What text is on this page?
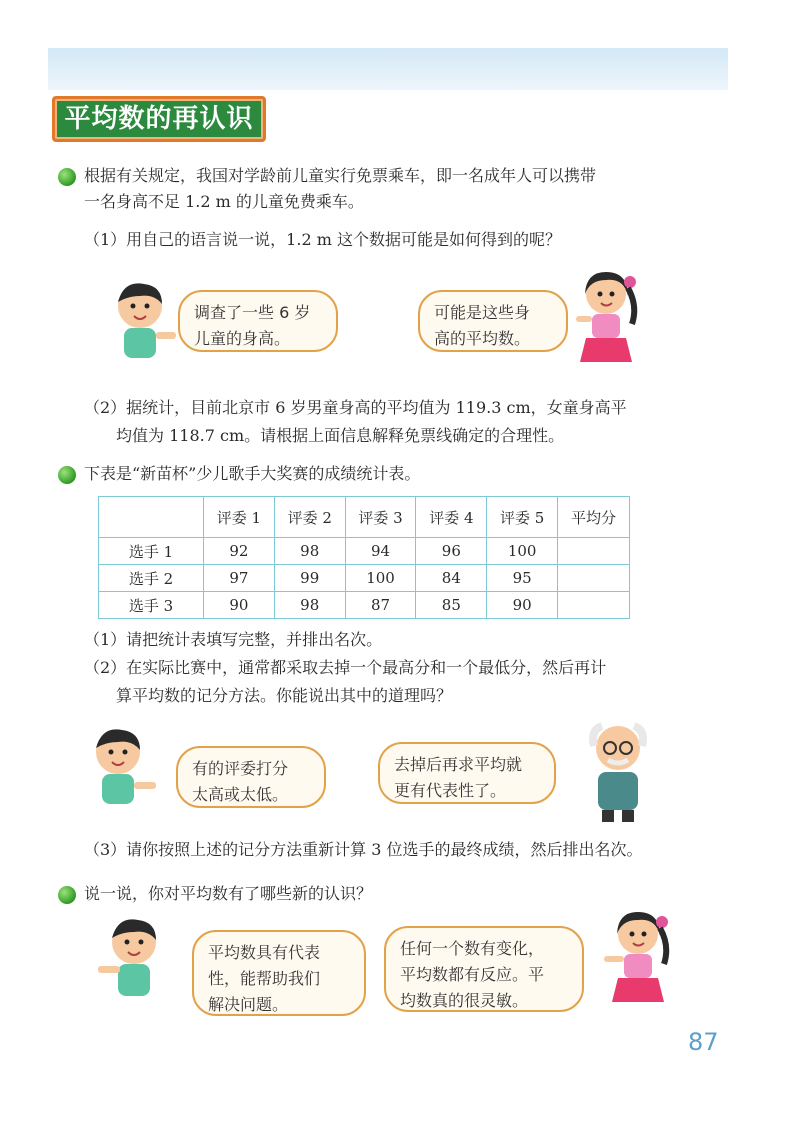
平均数的再认识
根据有关规定，我国对学龄前儿童实行免票乘车，即一名成年人可以携带
一名身高不足 1.2 m 的儿童免费乘车。
（1）用自己的语言说一说，1.2 m 这个数据可能是如何得到的呢？
调查了一些 6 岁
儿童的身高。
可能是这些身
高的平均数。
（2）据统计，目前北京市 6 岁男童身高的平均值为 119.3 cm，女童身高平
均值为 118.7 cm。请根据上面信息解释免票线确定的合理性。
下表是“新苗杯”少儿歌手大奖赛的成绩统计表。
	评委 1	评委 2	评委 3	评委 4	评委 5	平均分
选手 1	92	98	94	96	100	
选手 2	97	99	100	84	95	
选手 3	90	98	87	85	90	
（1）请把统计表填写完整，并排出名次。
（2）在实际比赛中，通常都采取去掉一个最高分和一个最低分，然后再计
算平均数的记分方法。你能说出其中的道理吗？
有的评委打分
太高或太低。
去掉后再求平均就
更有代表性了。
（3）请你按照上述的记分方法重新计算 3 位选手的最终成绩，然后排出名次。
说一说，你对平均数有了哪些新的认识？
平均数具有代表
性，能帮助我们
解决问题。
任何一个数有变化，
平均数都有反应。平
均数真的很灵敏。
87
